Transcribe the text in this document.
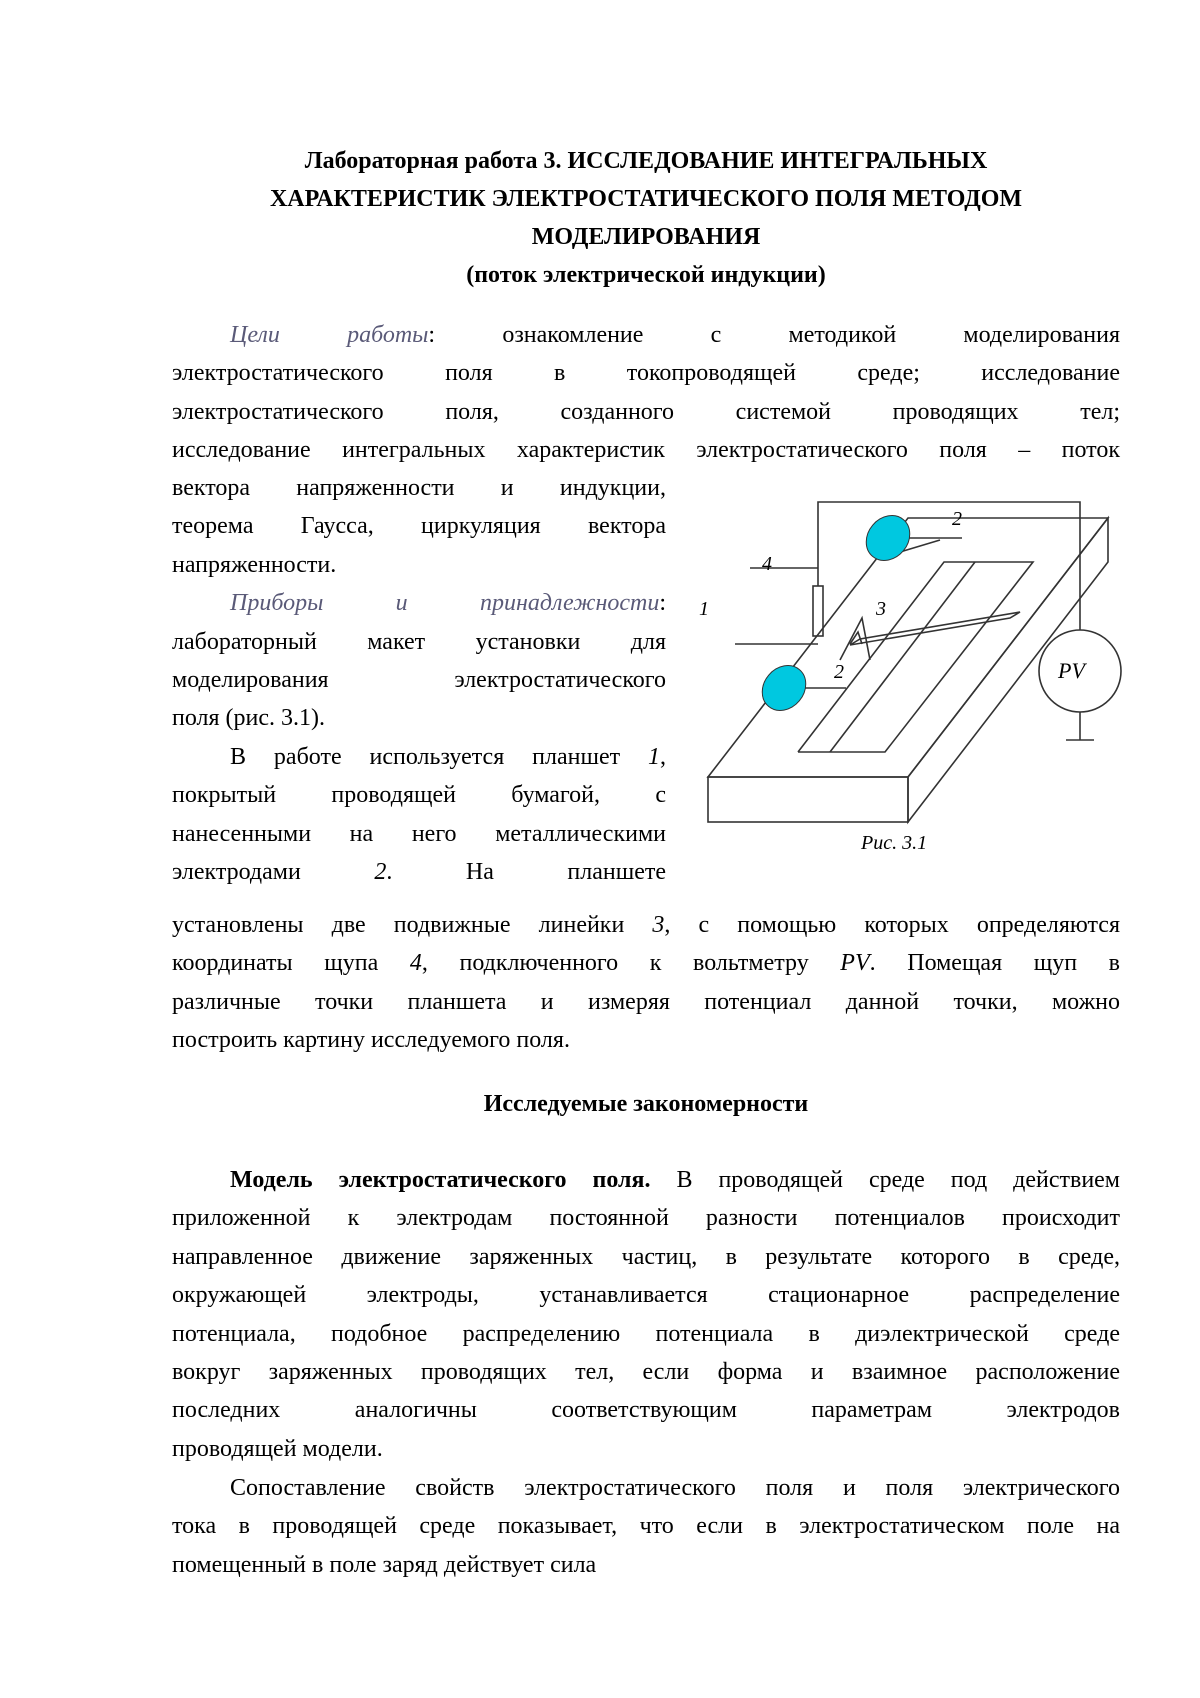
Лабораторная работа 3. ИССЛЕДОВАНИЕ ИНТЕГРАЛЬНЫХ
ХАРАКТЕРИСТИК ЭЛЕКТРОСТАТИЧЕСКОГО ПОЛЯ МЕТОДОМ
МОДЕЛИРОВАНИЯ
(поток электрической индукции)
Цели работы: ознакомление с методикой моделирования
электростатического поля в токопроводящей среде; исследование
электростатического поля, созданного системой проводящих тел;
исследование интегральных характеристик электростатического поля – поток
вектора напряженности и индукции,
теорема Гаусса, циркуляция вектора
напряженности.
Приборы и принадлежности:
лабораторный макет установки для
моделирования электростатического
поля (рис. 3.1).
В работе используется планшет 1,
покрытый проводящей бумагой, с
нанесенными на него металлическими
электродами 2. На планшете
4
2
1	3
2	PV
Рис. 3.1
установлены две подвижные линейки 3, с помощью которых определяются
координаты щупа 4, подключенного к вольтметру PV. Помещая щуп в
различные точки планшета и измеряя потенциал данной точки, можно
построить картину исследуемого поля.
Исследуемые закономерности
Модель электростатического поля. В проводящей среде под действием
приложенной к электродам постоянной разности потенциалов происходит
направленное движение заряженных частиц, в результате которого в среде,
окружающей электроды, устанавливается стационарное распределение
потенциала, подобное распределению потенциала в диэлектрической среде
вокруг заряженных проводящих тел, если форма и взаимное расположение
последних аналогичны соответствующим параметрам электродов
проводящей модели.
Сопоставление свойств электростатического поля и поля электрического
тока в проводящей среде показывает, что если в электростатическом поле на
помещенный в поле заряд действует сила
